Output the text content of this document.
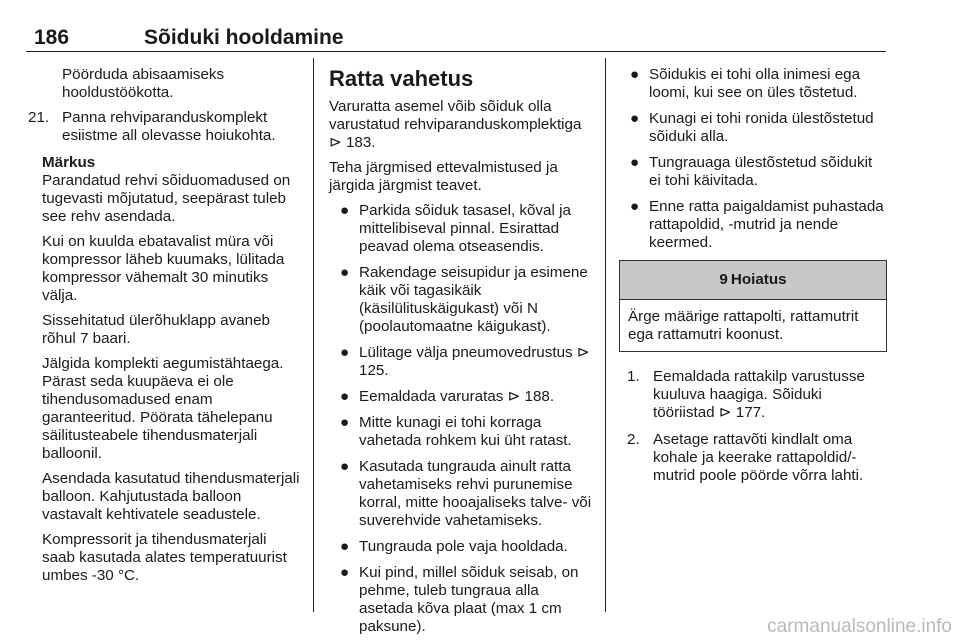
186	Sõiduki hooldamine
Pöörduda abisaamiseks hooldustöökotta.
21. Panna rehviparanduskomplekt esiistme all olevasse hoiukohta.

Märkus

Parandatud rehvi sõiduomadused on tugevasti mõjutatud, seepärast tuleb see rehv asendada.

Kui on kuulda ebatavalist müra või kompressor läheb kuumaks, lülitada kompressor vähemalt 30 minutiks välja.

Sissehitatud ülerõhuklapp avaneb rõhul 7 baari.

Jälgida komplekti aegumistähtaega. Pärast seda kuupäeva ei ole tihendusomadused enam garanteeritud. Pöörata tähelepanu säilitusteabele tihendusmaterjali balloonil.

Asendada kasutatud tihendusmaterjali balloon. Kahjutustada balloon vastavalt kehtivatele seadustele.

Kompressorit ja tihendusmaterjali saab kasutada alates temperatuurist umbes -30 °C.

Ratta vahetus

Varuratta asemel võib sõiduk olla varustatud rehviparanduskomplektiga ⊳ 183.

Teha järgmised ettevalmistused ja järgida järgmist teavet.

● Parkida sõiduk tasasel, kõval ja mittelibiseval pinnal. Esirattad peavad olema otseasendis.
● Rakendage seisupidur ja esimene käik või tagasikäik (käsilülituskäigukast) või N (poolautomaatne käigukast).
● Lülitage välja pneumovedrustus ⊳ 125.
● Eemaldada varuratas ⊳ 188.
● Mitte kunagi ei tohi korraga vahetada rohkem kui üht ratast.
● Kasutada tungrauda ainult ratta vahetamiseks rehvi purunemise korral, mitte hooajaliseks talve- või suverehvide vahetamiseks.
● Tungrauda pole vaja hooldada.
● Kui pind, millel sõiduk seisab, on pehme, tuleb tungraua alla asetada kõva plaat (max 1 cm paksune).
● Sõidukis ei tohi olla inimesi ega loomi, kui see on üles tõstetud.
● Kunagi ei tohi ronida ülestõstetud sõiduki alla.
● Tungrauaga ülestõstetud sõidukit ei tohi käivitada.
● Enne ratta paigaldamist puhastada rattapoldid, -mutrid ja nende keermed.
9 Hoiatus
Ärge määrige rattapolti, rattamutrit ega rattamutri koonust.
1. Eemaldada rattakilp varustusse kuuluva haagiga. Sõiduki tööriistad ⊳ 177.
2. Asetage rattavõti kindlalt oma kohale ja keerake rattapoldid/-mutrid poole pöörde võrra lahti.
carmanualsonline.info
